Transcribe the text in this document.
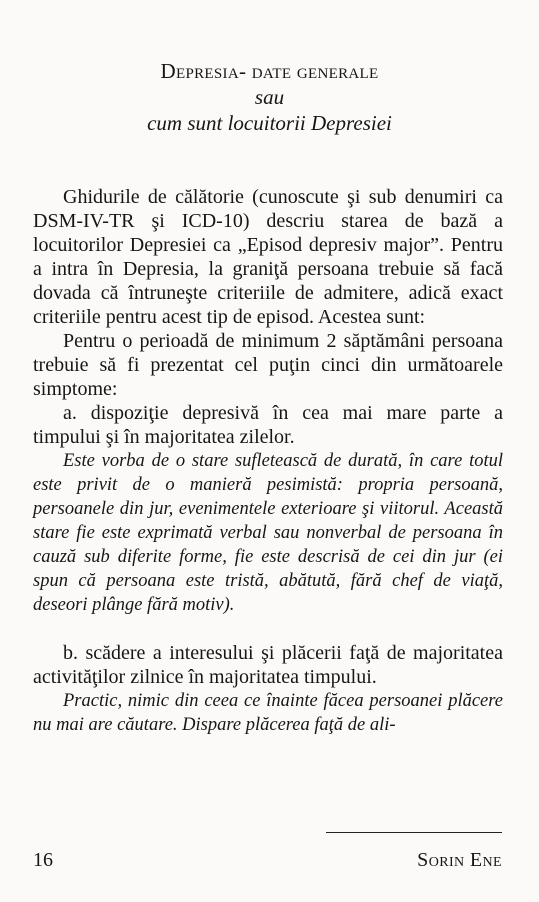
Depresia- date generale
sau
cum sunt locuitorii Depresiei

Ghidurile de călătorie (cunoscute şi sub denumiri ca DSM-IV-TR şi ICD-10) descriu starea de bază a locuitorilor Depresiei ca „Episod depresiv major”. Pentru a intra în Depresia, la graniţă persoana trebuie să facă dovada că întruneşte criteriile de admitere, adică exact criteriile pentru acest tip de episod. Acestea sunt:

Pentru o perioadă de minimum 2 săptămâni persoana trebuie să fi prezentat cel puţin cinci din următoarele simptome:

a. dispoziţie depresivă în cea mai mare parte a timpului şi în majoritatea zilelor.

Este vorba de o stare sufletească de durată, în care totul este privit de o manieră pesimistă: propria persoană, persoanele din jur, evenimentele exterioare şi viitorul. Această stare fie este exprimată verbal sau nonverbal de persoana în cauză sub diferite forme, fie este descrisă de cei din jur (ei spun că persoana este tristă, abătută, fără chef de viaţă, deseori plânge fără motiv).

b. scădere a interesului şi plăcerii faţă de majoritatea activităţilor zilnice în majoritatea timpului.

Practic, nimic din ceea ce înainte făcea persoanei plăcere nu mai are căutare. Dispare plăcerea faţă de ali-

16	Sorin Ene
